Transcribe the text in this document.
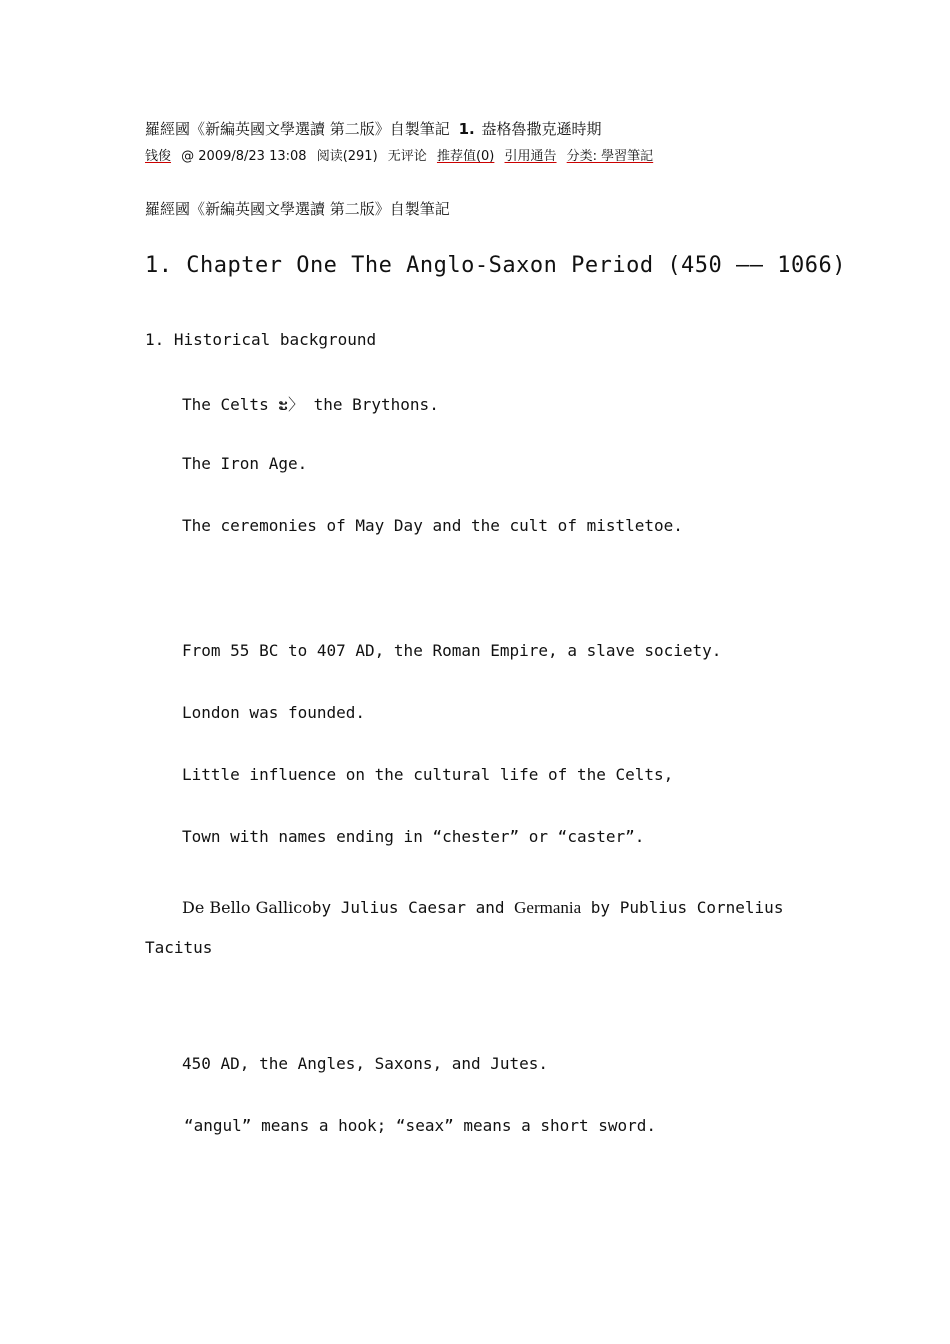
羅經國《新編英國文學選讀 第二版》自製筆記 1. 盎格魯撒克遜時期
钱俊 @ 2009/8/23 13:08 阅读(291) 无评论 推荐值(0) 引用通告 分类: 學習筆記
羅經國《新編英國文學選讀 第二版》自製筆記
1. Chapter One The Anglo-Saxon Period (450 —— 1066)
1. Historical background
The Celts ະ〉 the Brythons.
The Iron Age.
The ceremonies of May Day and the cult of mistletoe.
From 55 BC to 407 AD, the Roman Empire, a slave society.
London was founded.
Little influence on the cultural life of the Celts,
Town with names ending in “chester” or “caster”.
De Bello Gallicoby Julius Caesar and Germania by Publius Cornelius
Tacitus
450 AD, the Angles, Saxons, and Jutes.
“angul” means a hook; “seax” means a short sword.
